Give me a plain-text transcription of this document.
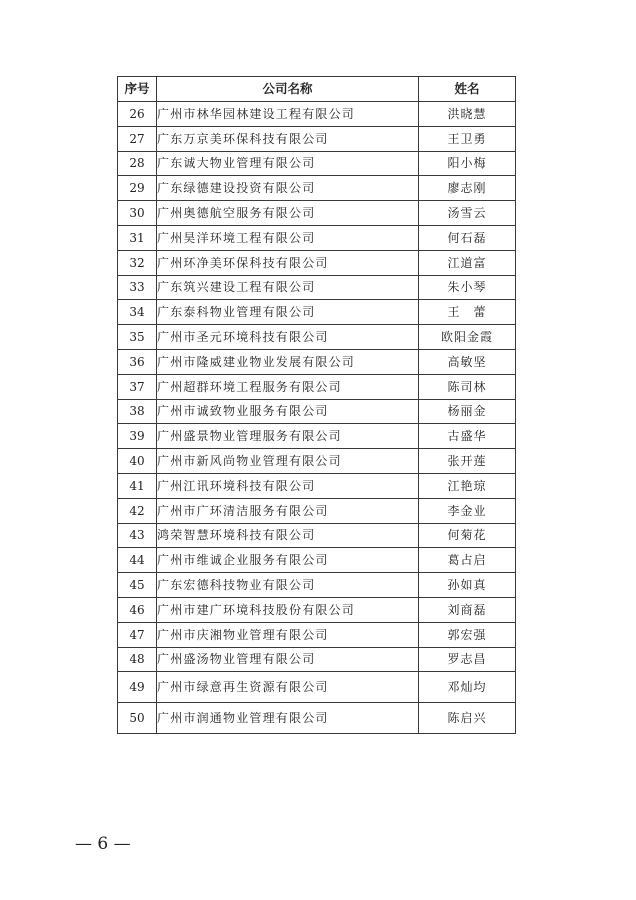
序号	公司名称	姓名
26	广州市林华园林建设工程有限公司	洪晓慧
27	广东万京美环保科技有限公司	王卫勇
28	广东诚大物业管理有限公司	阳小梅
29	广东绿德建设投资有限公司	廖志刚
30	广州奥德航空服务有限公司	汤雪云
31	广州昊洋环境工程有限公司	何石磊
32	广州环净美环保科技有限公司	江道富
33	广东筑兴建设工程有限公司	朱小琴
34	广东泰科物业管理有限公司	王　蕾
35	广州市圣元环境科技有限公司	欧阳金霞
36	广州市隆威建业物业发展有限公司	高敏坚
37	广州超群环境工程服务有限公司	陈司林
38	广州市诚致物业服务有限公司	杨丽金
39	广州盛景物业管理服务有限公司	古盛华
40	广州市新风尚物业管理有限公司	张开莲
41	广州江讯环境科技有限公司	江艳琼
42	广州市广环清洁服务有限公司	李金业
43	鸿荣智慧环境科技有限公司	何菊花
44	广州市维诚企业服务有限公司	葛占启
45	广东宏德科技物业有限公司	孙如真
46	广州市建广环境科技股份有限公司	刘商磊
47	广州市庆湘物业管理有限公司	郭宏强
48	广州盛汤物业管理有限公司	罗志昌
49	广州市绿意再生资源有限公司	邓灿均
50	广州市润通物业管理有限公司	陈启兴
— 6 —
